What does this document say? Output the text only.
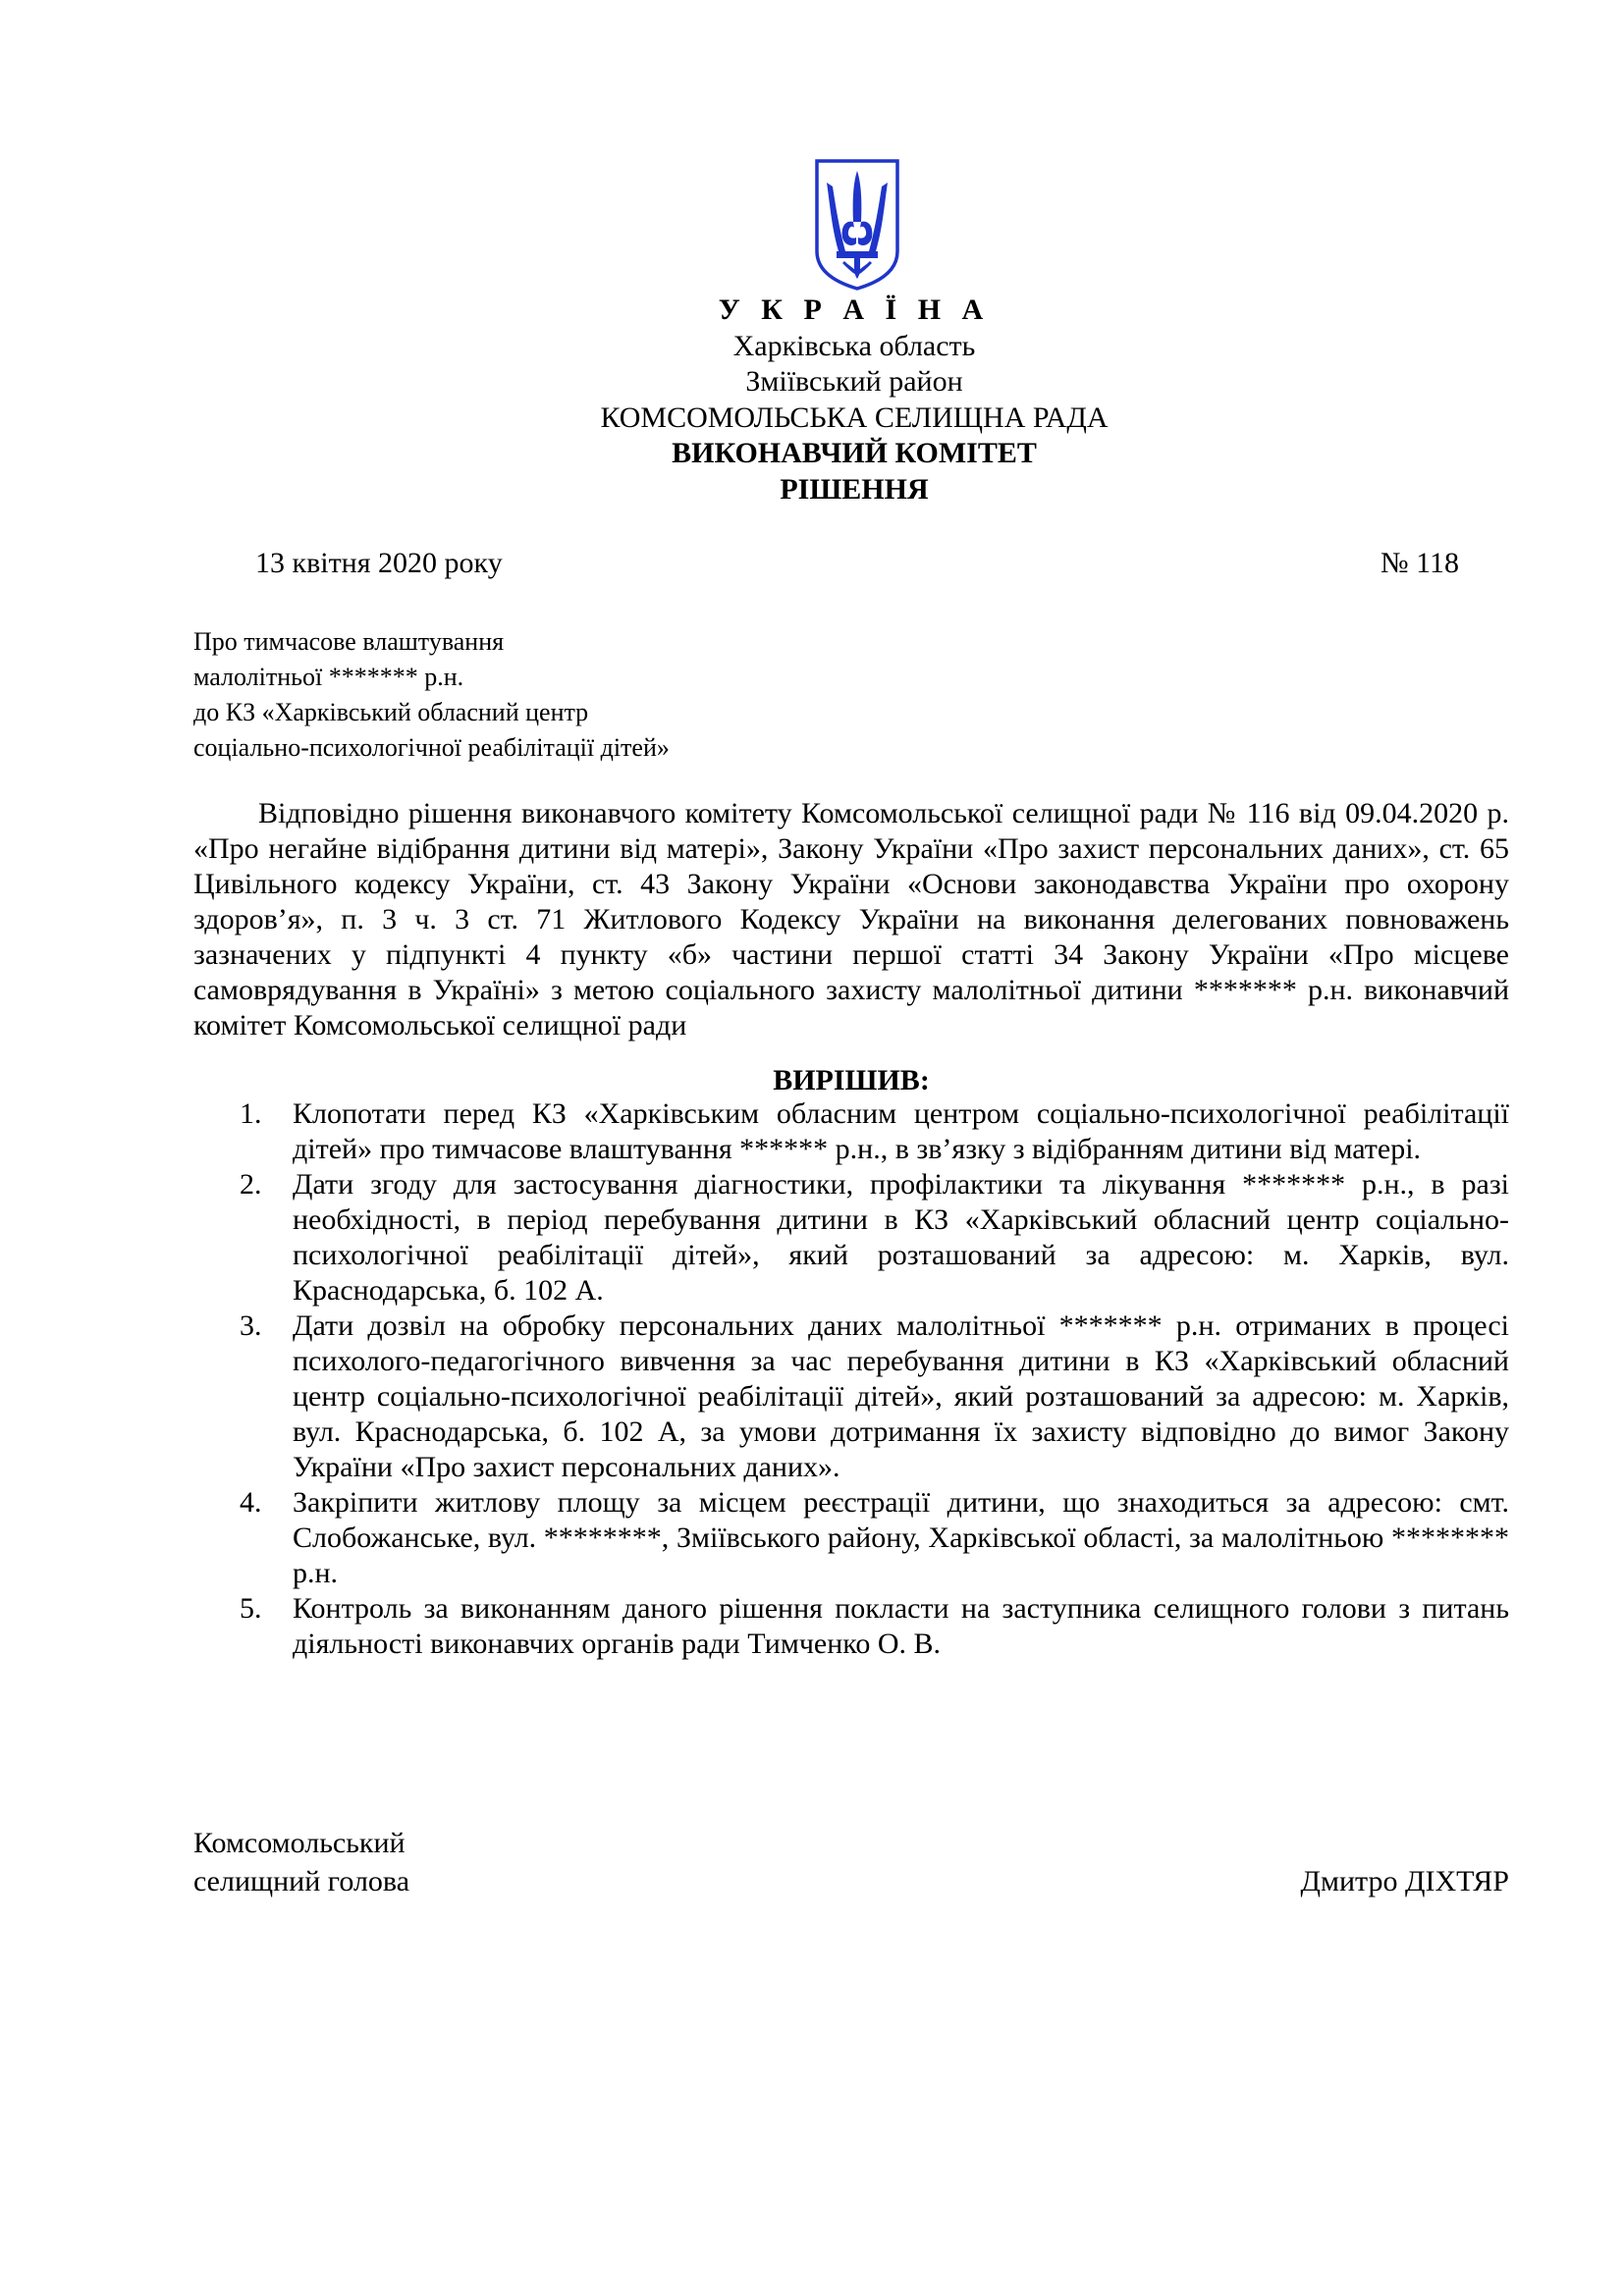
У К Р А Ї Н А
Харківська область
Зміївський район
КОМСОМОЛЬСЬКА СЕЛИЩНА РАДА
ВИКОНАВЧИЙ КОМІТЕТ
РІШЕННЯ
13 квітня 2020 року	№ 118
Про тимчасове влаштування
малолітньої ******* р.н.
до КЗ «Харківський обласний центр
соціально-психологічної реабілітації дітей»

Відповідно рішення виконавчого комітету Комсомольської селищної ради № 116 від 09.04.2020 р. «Про негайне відібрання дитини від матері», Закону України «Про захист персональних даних», ст. 65 Цивільного кодексу України, ст. 43 Закону України «Основи законодавства України про охорону здоров’я», п. 3 ч. 3 ст. 71 Житлового Кодексу України на виконання делегованих повноважень зазначених у підпункті 4 пункту «б» частини першої статті 34 Закону України «Про місцеве самоврядування в Україні» з метою соціального захисту малолітньої дитини ******* р.н. виконавчий комітет Комсомольської селищної ради

ВИРІШИВ:
1. Клопотати перед КЗ «Харківським обласним центром соціально-психологічної реабілітації дітей» про тимчасове влаштування ****** р.н., в зв’язку з відібранням дитини від матері.
2. Дати згоду для застосування діагностики, профілактики та лікування ******* р.н., в разі необхідності, в період перебування дитини в КЗ «Харківський обласний центр соціально-психологічної реабілітації дітей», який розташований за адресою: м. Харків, вул. Краснодарська, б. 102 А.
3. Дати дозвіл на обробку персональних даних малолітньої ******* р.н. отриманих в процесі психолого-педагогічного вивчення за час перебування дитини в КЗ «Харківський обласний центр соціально-психологічної реабілітації дітей», який розташований за адресою: м. Харків, вул. Краснодарська, б. 102 А, за умови дотримання їх захисту відповідно до вимог Закону України «Про захист персональних даних».
4. Закріпити житлову площу за місцем реєстрації дитини, що знаходиться за адресою: смт. Слобожанське, вул. ********, Зміївського району, Харківської області, за малолітньою ******** р.н.
5. Контроль за виконанням даного рішення покласти на заступника селищного голови з питань діяльності виконавчих органів ради Тимченко О. В.
Комсомольський
селищний голова	Дмитро ДІХТЯР
